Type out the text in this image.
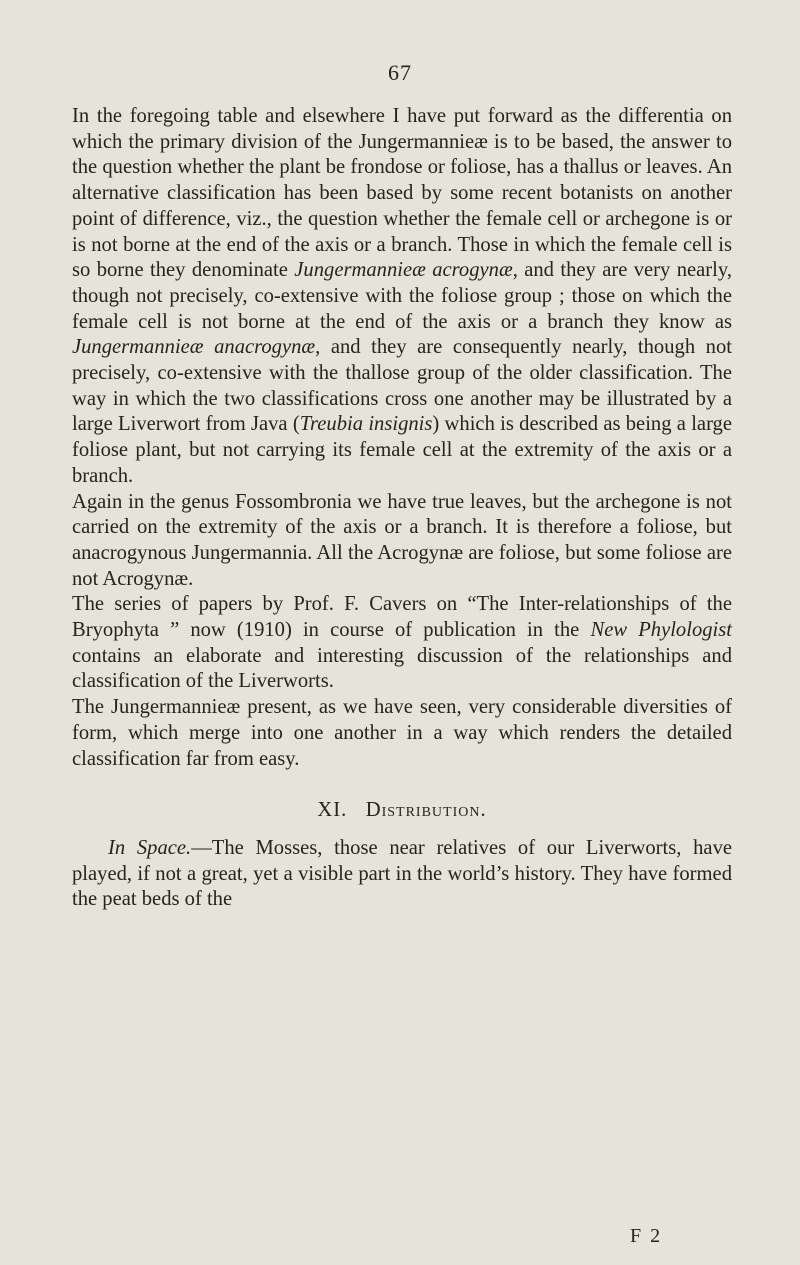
67

In the foregoing table and elsewhere I have put forward as the differentia on which the primary division of the Jungermannieæ is to be based, the answer to the question whether the plant be frondose or foliose, has a thallus or leaves. An alternative classification has been based by some recent botanists on another point of difference, viz., the question whether the female cell or archegone is or is not borne at the end of the axis or a branch. Those in which the female cell is so borne they denominate Jungermannieæ acrogynæ, and they are very nearly, though not precisely, co-extensive with the foliose group ; those on which the female cell is not borne at the end of the axis or a branch they know as Jungermannieæ anacrogynæ, and they are consequently nearly, though not precisely, co-extensive with the thallose group of the older classification. The way in which the two classifications cross one another may be illustrated by a large Liverwort from Java (Treubia insignis) which is described as being a large foliose plant, but not carrying its female cell at the extremity of the axis or a branch.

Again in the genus Fossombronia we have true leaves, but the archegone is not carried on the extremity of the axis or a branch. It is therefore a foliose, but anacrogynous Jungermannia. All the Acrogynæ are foliose, but some foliose are not Acrogynæ.

The series of papers by Prof. F. Cavers on “The Inter-relationships of the Bryophyta ” now (1910) in course of publication in the New Phylologist contains an elaborate and interesting discussion of the relationships and classification of the Liverworts.

The Jungermannieæ present, as we have seen, very considerable diversities of form, which merge into one another in a way which renders the detailed classification far from easy.

XI. Distribution.

In Space.—The Mosses, those near relatives of our Liverworts, have played, if not a great, yet a visible part in the world’s history. They have formed the peat beds of the

F 2
